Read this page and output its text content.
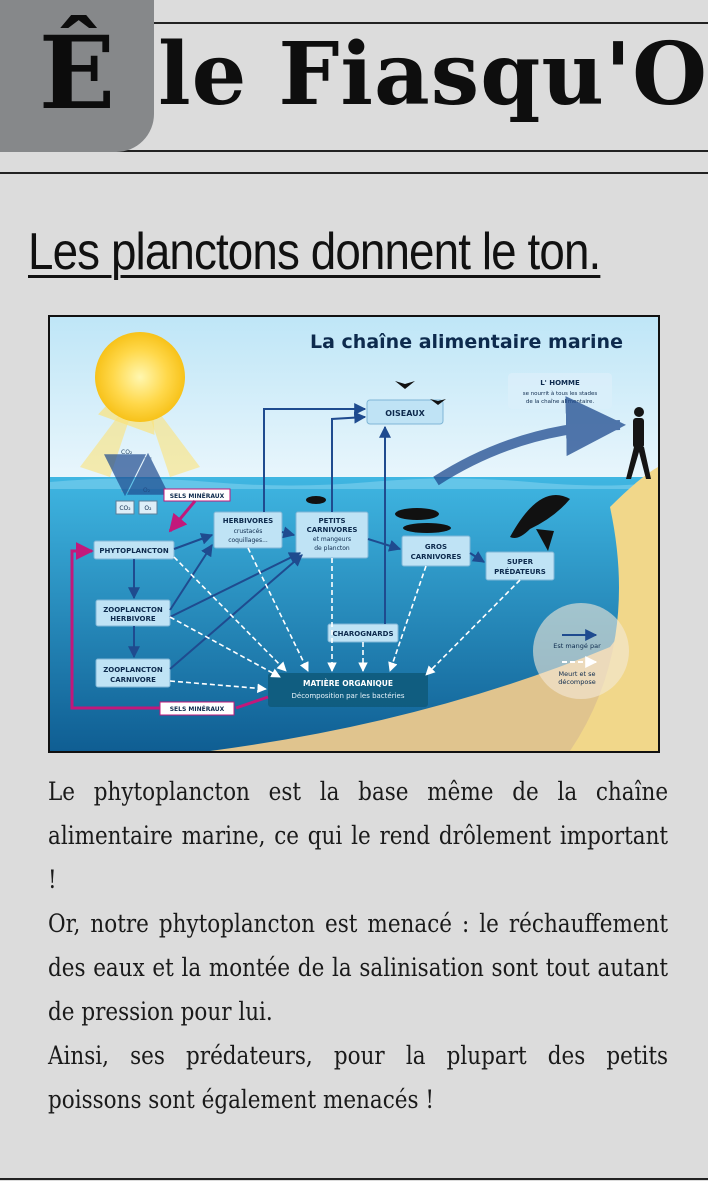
Ê le Fiasqu'O
Les planctons donnent le ton.
La chaîne alimentaire marine
OISEAUX
L' HOMME
se nourrit à tous les stades
de la chaîne alimentaire.
CO₂
O₂
CO₂ O₂
SELS MINÉRAUX
PHYTOPLANCTON
HERBIVORES
crustacés
coquillages...
PETITS
CARNIVORES
et mangeurs
de plancton	GROS
CARNIVORES
SUPER
PRÉDATEURS
ZOOPLANCTON
HERBIVORE
ZOOPLANCTON
CARNIVORE
CHAROGNARDS
MATIÈRE ORGANIQUE
Décomposition par les bactéries
SELS MINÉRAUX
Est mangé par
Meurt et se
décompose

Le phytoplancton est la base même de la chaîne alimentaire marine, ce qui le rend drôlement important !

Or, notre phytoplancton est menacé : le réchauffement des eaux et la montée de la salinisation sont tout autant de pression pour lui.

Ainsi, ses prédateurs, pour la plupart des petits poissons sont également menacés !
